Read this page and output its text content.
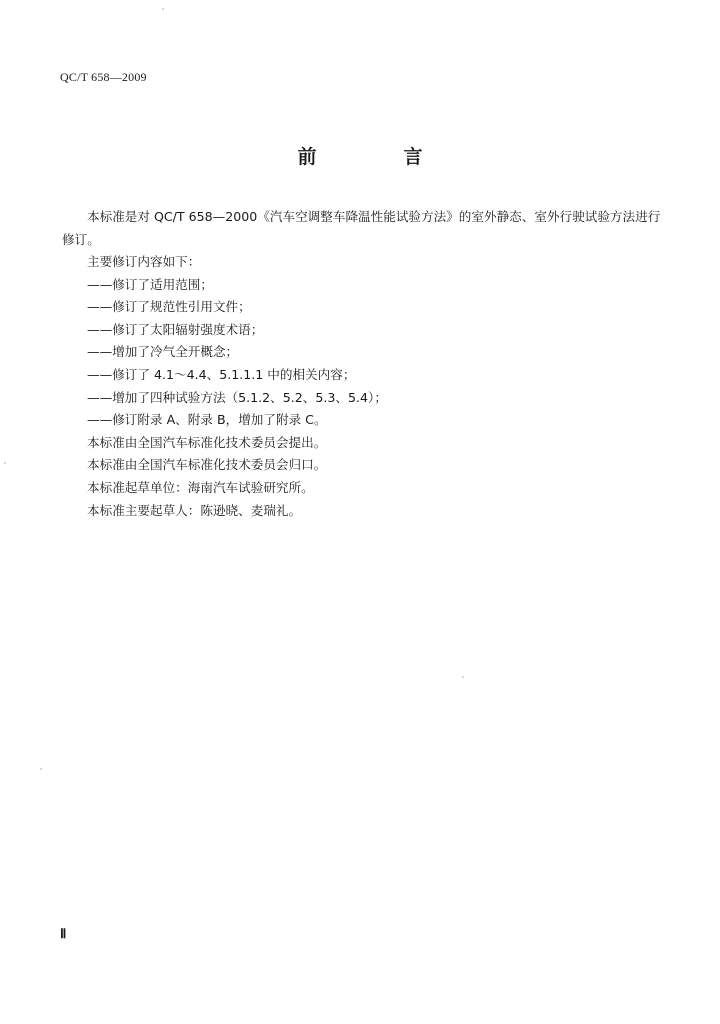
QC/T 658—2009
前　言

本标准是对 QC/T 658—2000《汽车空调整车降温性能试验方法》的室外静态、室外行驶试验方法进行修订。

主要修订内容如下：

——修订了适用范围；

——修订了规范性引用文件；

——修订了太阳辐射强度术语；

——增加了冷气全开概念；

——修订了 4.1～4.4、5.1.1.1 中的相关内容；

——增加了四种试验方法（5.1.2、5.2、5.3、5.4）；

——修订附录 A、附录 B，增加了附录 C。

本标准由全国汽车标准化技术委员会提出。

本标准由全国汽车标准化技术委员会归口。

本标准起草单位：海南汽车试验研究所。

本标准主要起草人：陈逊晓、麦瑞礼。

Ⅱ
